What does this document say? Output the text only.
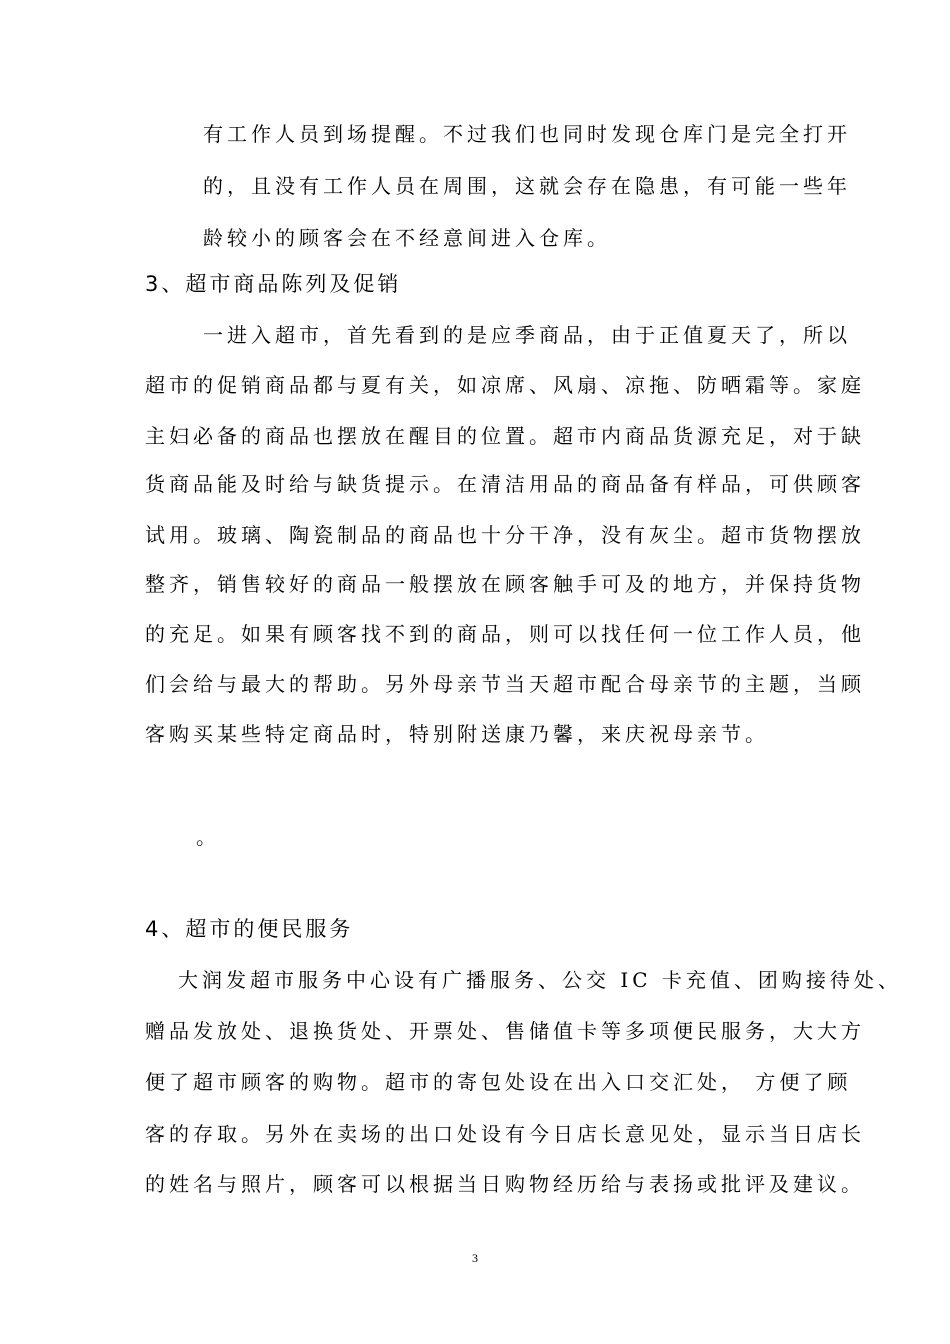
有工作人员到场提醒。不过我们也同时发现仓库门是完全打开
的，且没有工作人员在周围，这就会存在隐患，有可能一些年
龄较小的顾客会在不经意间进入仓库。
3、超市商品陈列及促销
一进入超市，首先看到的是应季商品，由于正值夏天了，所以
超市的促销商品都与夏有关，如凉席、风扇、凉拖、防晒霜等。家庭
主妇必备的商品也摆放在醒目的位置。超市内商品货源充足，对于缺
货商品能及时给与缺货提示。在清洁用品的商品备有样品，可供顾客
试用。玻璃、陶瓷制品的商品也十分干净，没有灰尘。超市货物摆放
整齐，销售较好的商品一般摆放在顾客触手可及的地方，并保持货物
的充足。如果有顾客找不到的商品，则可以找任何一位工作人员，他
们会给与最大的帮助。另外母亲节当天超市配合母亲节的主题，当顾
客购买某些特定商品时，特别附送康乃馨，来庆祝母亲节。
。
4、超市的便民服务
大润发超市服务中心设有广播服务、公交 IC 卡充值、团购接待处、
赠品发放处、退换货处、开票处、售储值卡等多项便民服务，大大方
便了超市顾客的购物。超市的寄包处设在出入口交汇处， 方便了顾
客的存取。另外在卖场的出口处设有今日店长意见处，显示当日店长
的姓名与照片，顾客可以根据当日购物经历给与表扬或批评及建议。
3
